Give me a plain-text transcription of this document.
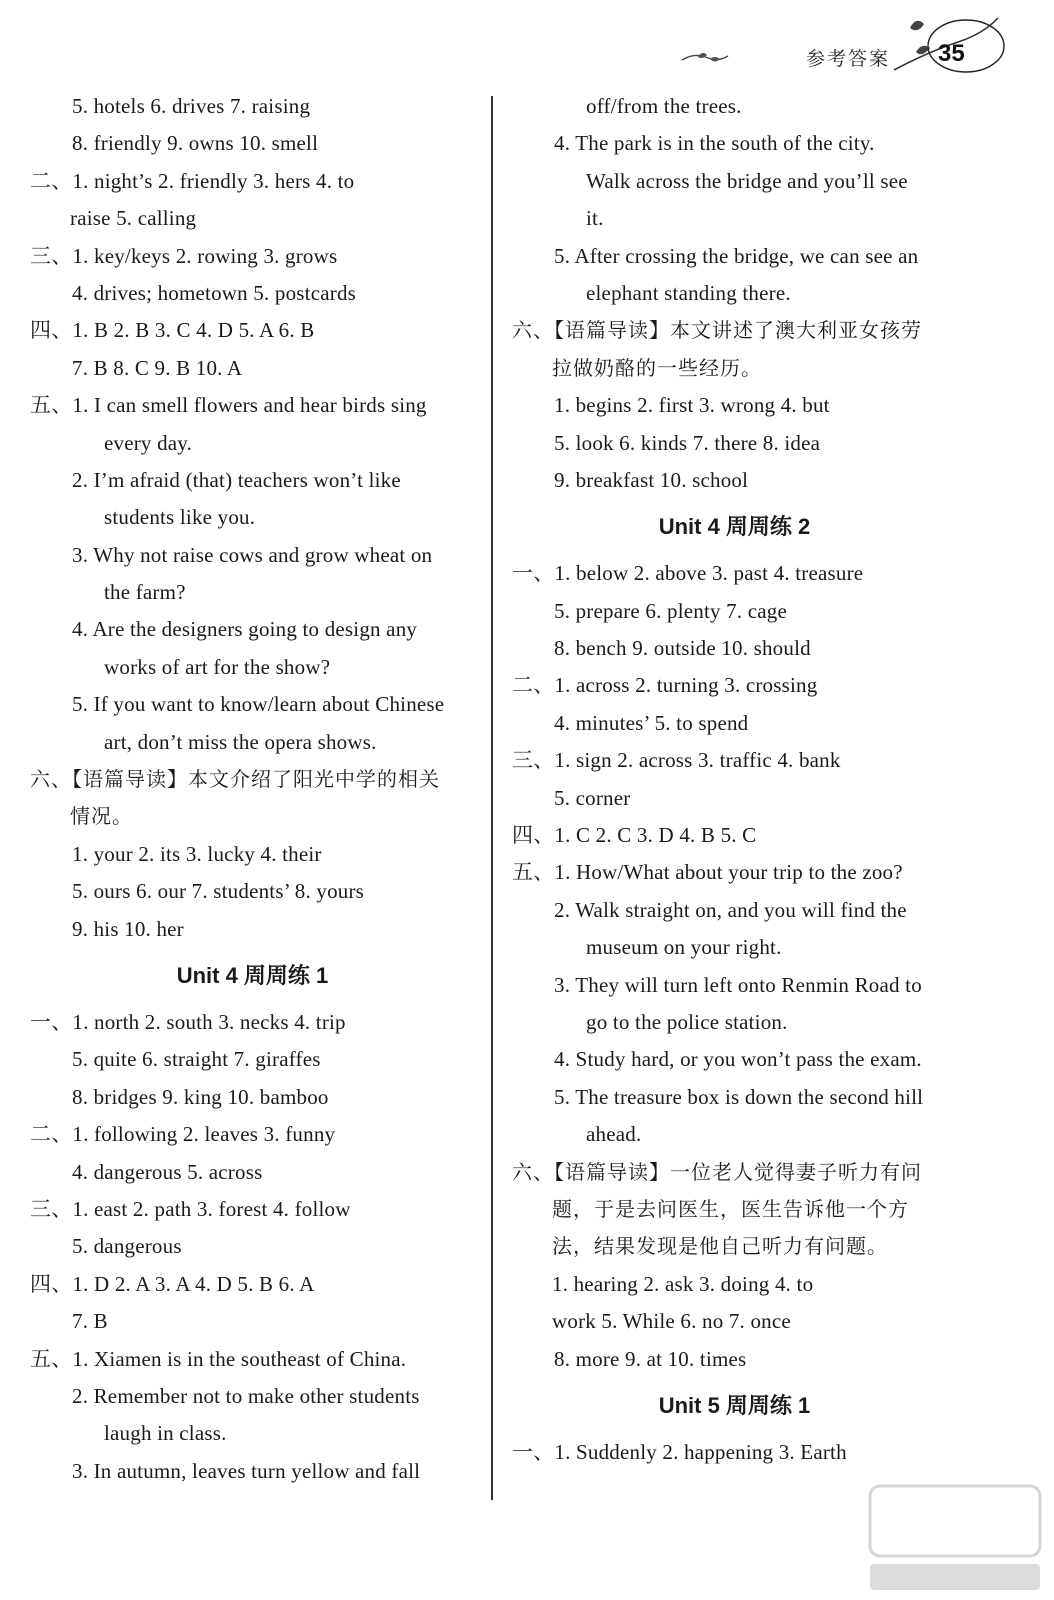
参考答案 35
5. hotels 6. drives 7. raising
8. friendly 9. owns 10. smell
二、1. night’s 2. friendly 3. hers 4. to
raise 5. calling
三、1. key/keys 2. rowing 3. grows
4. drives; hometown 5. postcards
四、1. B 2. B 3. C 4. D 5. A 6. B
7. B 8. C 9. B 10. A
五、1. I can smell flowers and hear birds sing
every day.
2. I’m afraid (that) teachers won’t like
students like you.
3. Why not raise cows and grow wheat on
the farm?
4. Are the designers going to design any
works of art for the show?
5. If you want to know/learn about Chinese
art, don’t miss the opera shows.
六、【语篇导读】本文介绍了阳光中学的相关
情况。
1. your 2. its 3. lucky 4. their
5. ours 6. our 7. students’ 8. yours
9. his 10. her
Unit 4 周周练 1
一、1. north 2. south 3. necks 4. trip
5. quite 6. straight 7. giraffes
8. bridges 9. king 10. bamboo
二、1. following 2. leaves 3. funny
4. dangerous 5. across
三、1. east 2. path 3. forest 4. follow
5. dangerous
四、1. D 2. A 3. A 4. D 5. B 6. A
7. B
五、1. Xiamen is in the southeast of China.
2. Remember not to make other students
laugh in class.
3. In autumn, leaves turn yellow and fall
off/from the trees.
4. The park is in the south of the city.
Walk across the bridge and you’ll see
it.
5. After crossing the bridge, we can see an
elephant standing there.
六、【语篇导读】本文讲述了澳大利亚女孩劳
拉做奶酪的一些经历。
1. begins 2. first 3. wrong 4. but
5. look 6. kinds 7. there 8. idea
9. breakfast 10. school
Unit 4 周周练 2
一、1. below 2. above 3. past 4. treasure
5. prepare 6. plenty 7. cage
8. bench 9. outside 10. should
二、1. across 2. turning 3. crossing
4. minutes’ 5. to spend
三、1. sign 2. across 3. traffic 4. bank
5. corner
四、1. C 2. C 3. D 4. B 5. C
五、1. How/What about your trip to the zoo?
2. Walk straight on, and you will find the
museum on your right.
3. They will turn left onto Renmin Road to
go to the police station.
4. Study hard, or you won’t pass the exam.
5. The treasure box is down the second hill
ahead.
六、【语篇导读】一位老人觉得妻子听力有问
题，于是去问医生，医生告诉他一个方
法，结果发现是他自己听力有问题。
1. hearing 2. ask 3. doing 4. to
work 5. While 6. no 7. once
8. more 9. at 10. times
Unit 5 周周练 1
一、1. Suddenly 2. happening 3. Earth
